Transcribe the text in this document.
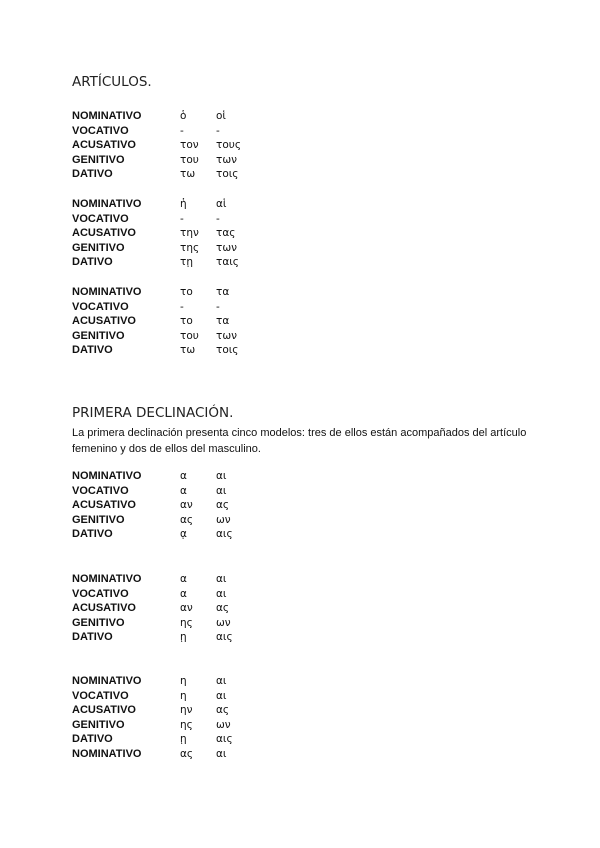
ARTÍCULOS.
NOMINATIVO	ὁ	οἱ
VOCATIVO	-	-
ACUSATIVO	τον τους
GENITIVO	του των
DATIVO	τω τοις
NOMINATIVO	ἡ	αἱ
VOCATIVO	-	-
ACUSATIVO	την τας
GENITIVO	της των
DATIVO	τῃ ταις
NOMINATIVO	το τα
VOCATIVO	-	-
ACUSATIVO	το τα
GENITIVO	του των
DATIVO	τω τοις
PRIMERA DECLINACIÓN.

La primera declinación presenta cinco modelos: tres de ellos están acompañados del artículo femenino y dos de ellos del masculino.

NOMINATIVO	α	αι
VOCATIVO	α	αι
ACUSATIVO	αν ας
GENITIVO	ας ων
DATIVO	ᾳ	αις
NOMINATIVO	α	αι
VOCATIVO	α	αι
ACUSATIVO	αν ας
GENITIVO	ης ων
DATIVO	ῃ	αις
NOMINATIVO	η	αι
VOCATIVO	η	αι
ACUSATIVO	ην ας
GENITIVO	ης ων
DATIVO	ῃ	αις
NOMINATIVO	ας αι
